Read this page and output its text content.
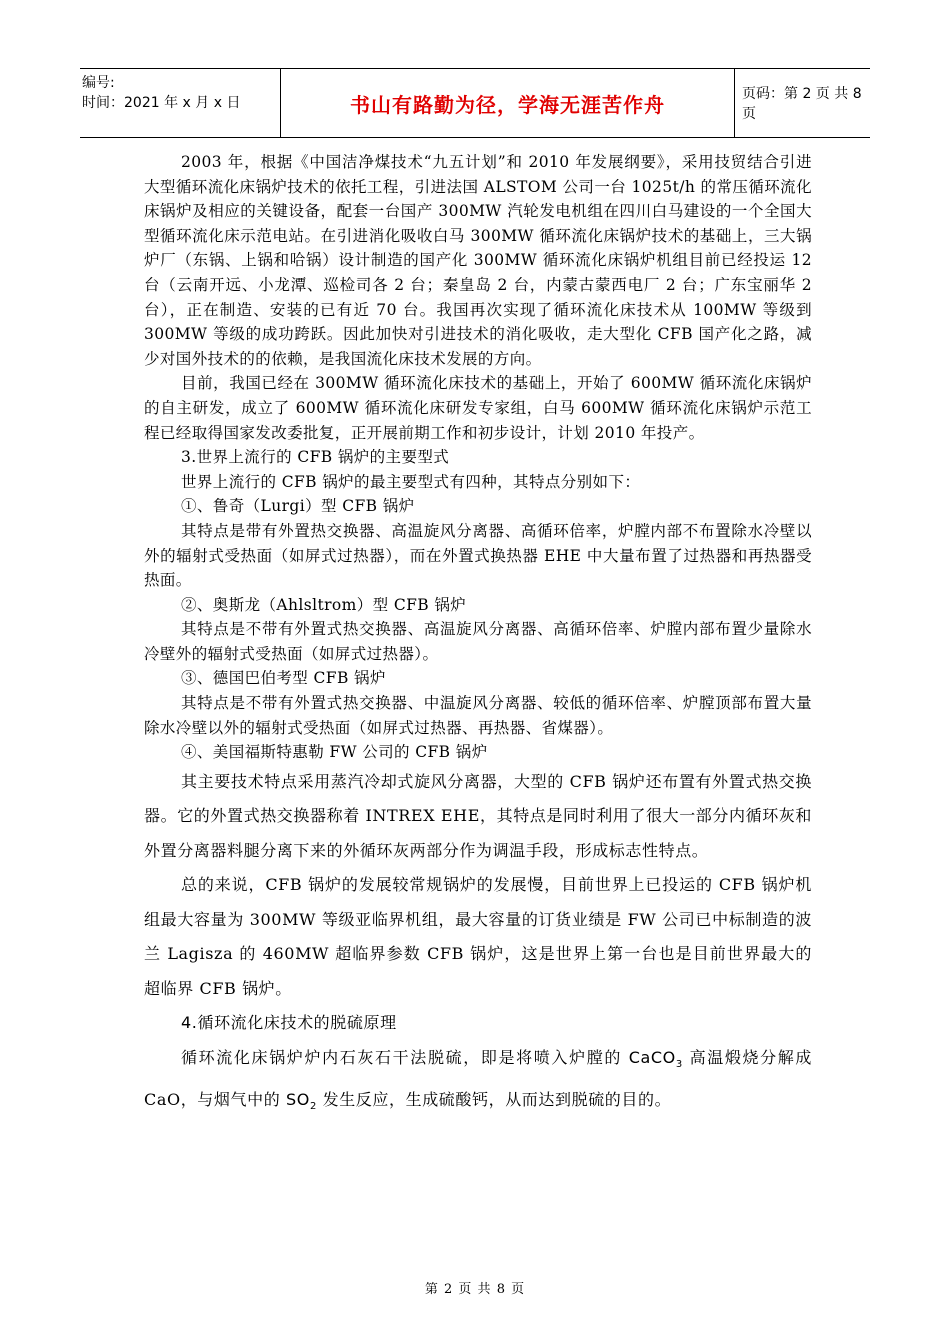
编号:
时间：2021 年 x 月 x 日	书山有路勤为径，学海无涯苦作舟	页码：第 2 页 共 8 页

2003 年，根据《中国洁净煤技术“九五计划”和 2010 年发展纲要》，采用技贸结合引进大型循环流化床锅炉技术的依托工程，引进法国 ALSTOM 公司一台 1025t/h 的常压循环流化床锅炉及相应的关键设备，配套一台国产 300MW 汽轮发电机组在四川白马建设的一个全国大型循环流化床示范电站。在引进消化吸收白马 300MW 循环流化床锅炉技术的基础上，三大锅炉厂（东锅、上锅和哈锅）设计制造的国产化 300MW 循环流化床锅炉机组目前已经投运 12 台（云南开远、小龙潭、巡检司各 2 台；秦皇岛 2 台，内蒙古蒙西电厂 2 台；广东宝丽华 2 台），正在制造、安装的已有近 70 台。我国再次实现了循环流化床技术从 100MW 等级到 300MW 等级的成功跨跃。因此加快对引进技术的消化吸收，走大型化 CFB 国产化之路，减少对国外技术的的依赖，是我国流化床技术发展的方向。

目前，我国已经在 300MW 循环流化床技术的基础上，开始了 600MW 循环流化床锅炉的自主研发，成立了 600MW 循环流化床研发专家组，白马 600MW 循环流化床锅炉示范工程已经取得国家发改委批复，正开展前期工作和初步设计，计划 2010 年投产。

3.世界上流行的 CFB 锅炉的主要型式

世界上流行的 CFB 锅炉的最主要型式有四种，其特点分别如下：

①、鲁奇（Lurgi）型 CFB 锅炉

其特点是带有外置热交换器、高温旋风分离器、高循环倍率，炉膛内部不布置除水冷壁以外的辐射式受热面（如屏式过热器），而在外置式换热器 EHE 中大量布置了过热器和再热器受热面。

②、奥斯龙（Ahlsltrom）型 CFB 锅炉

其特点是不带有外置式热交换器、高温旋风分离器、高循环倍率、炉膛内部布置少量除水冷壁外的辐射式受热面（如屏式过热器）。

③、德国巴伯考型 CFB 锅炉

其特点是不带有外置式热交换器、中温旋风分离器、较低的循环倍率、炉膛顶部布置大量除水冷壁以外的辐射式受热面（如屏式过热器、再热器、省煤器）。

④、美国福斯特惠勒 FW 公司的 CFB 锅炉

其主要技术特点采用蒸汽冷却式旋风分离器，大型的 CFB 锅炉还布置有外置式热交换器。它的外置式热交换器称着 INTREX EHE，其特点是同时利用了很大一部分内循环灰和外置分离器料腿分离下来的外循环灰两部分作为调温手段，形成标志性特点。

总的来说，CFB 锅炉的发展较常规锅炉的发展慢，目前世界上已投运的 CFB 锅炉机组最大容量为 300MW 等级亚临界机组，最大容量的订货业绩是 FW 公司已中标制造的波兰 Lagisza 的 460MW 超临界参数 CFB 锅炉，这是世界上第一台也是目前世界最大的超临界 CFB 锅炉。

4.循环流化床技术的脱硫原理

循环流化床锅炉炉内石灰石干法脱硫，即是将喷入炉膛的 CaCO$_3$ 高温煅烧分解成 CaO，与烟气中的 $SO_2$ 发生反应，生成硫酸钙，从而达到脱硫的目的。

第 2 页 共 8 页
